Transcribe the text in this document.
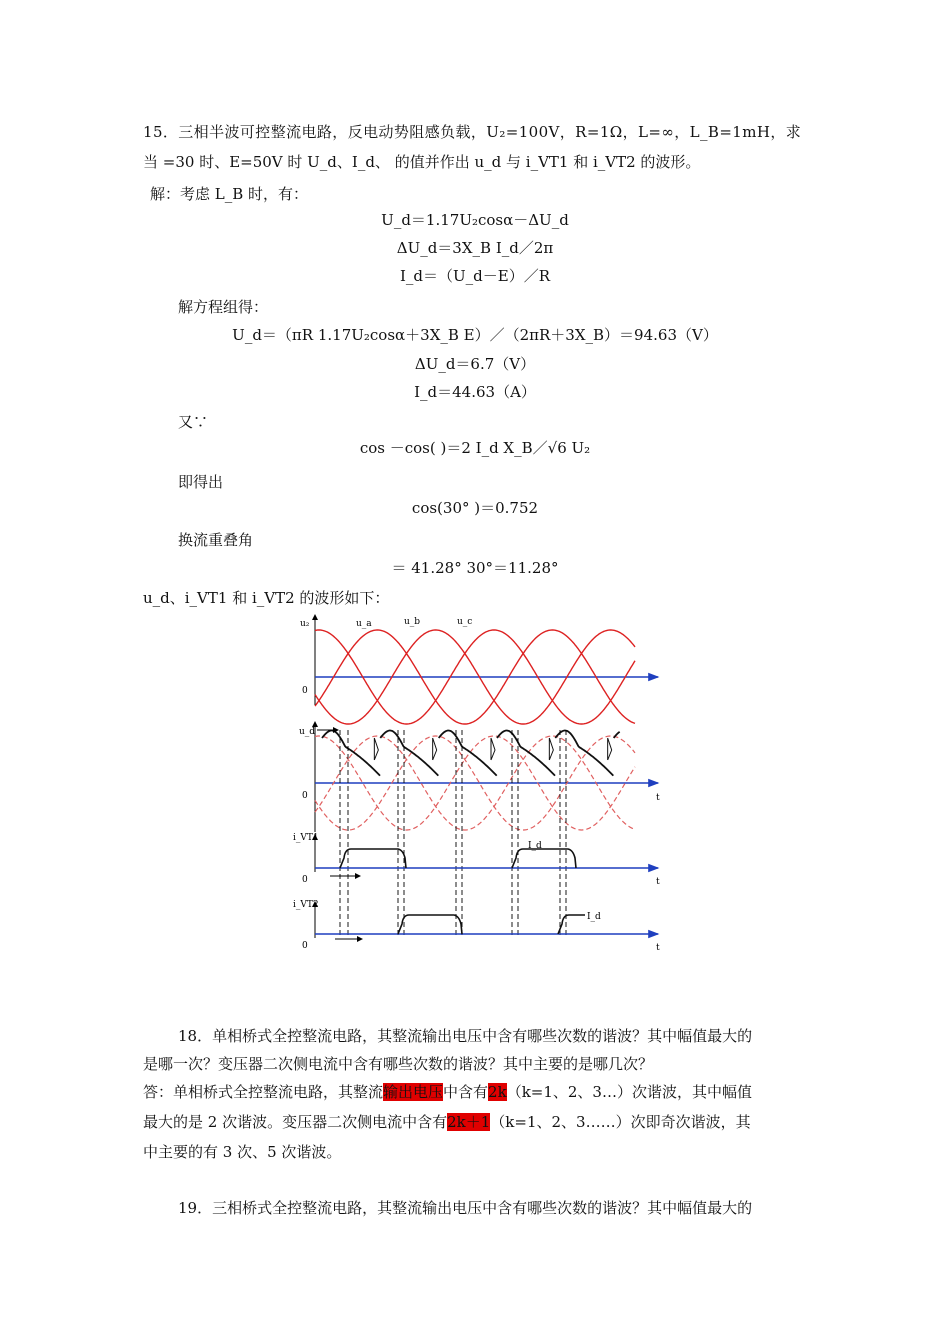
15．三相半波可控整流电路，反电动势阻感负载，U₂=100V，R=1Ω，L=∞，L_B=1mH，求
当 =30 时、E=50V 时 U_d、I_d、 的值并作出 u_d 与 i_VT1 和 i_VT2 的波形。
解：考虑 L_B 时，有：
U_d＝1.17U₂cosα－ΔU_d
ΔU_d＝3X_B I_d／2π
I_d＝（U_d－E）／R
解方程组得：
U_d＝（πR 1.17U₂cosα＋3X_B E）／（2πR＋3X_B）＝94.63（V）
ΔU_d＝6.7（V）
I_d＝44.63（A）
又∵
cos －cos( )＝2 I_d X_B／√6 U₂
即得出
cos(30° )＝0.752
换流重叠角
＝ 41.28° 30°＝11.28°
u_d、i_VT1 和 i_VT2 的波形如下：
u₂	u_a	u_b	u_c
0
u_d
0	t
i_VT1
I_d
0	t
i_VT2
I_d
0	t
18．单相桥式全控整流电路，其整流输出电压中含有哪些次数的谐波？其中幅值最大的
是哪一次？变压器二次侧电流中含有哪些次数的谐波？其中主要的是哪几次？
答：单相桥式全控整流电路，其整流输出电压中含有2k（k=1、2、3…）次谐波，其中幅值
最大的是 2 次谐波。变压器二次侧电流中含有2k＋1（k=1、2、3……）次即奇次谐波，其
中主要的有 3 次、5 次谐波。
19．三相桥式全控整流电路，其整流输出电压中含有哪些次数的谐波？其中幅值最大的
